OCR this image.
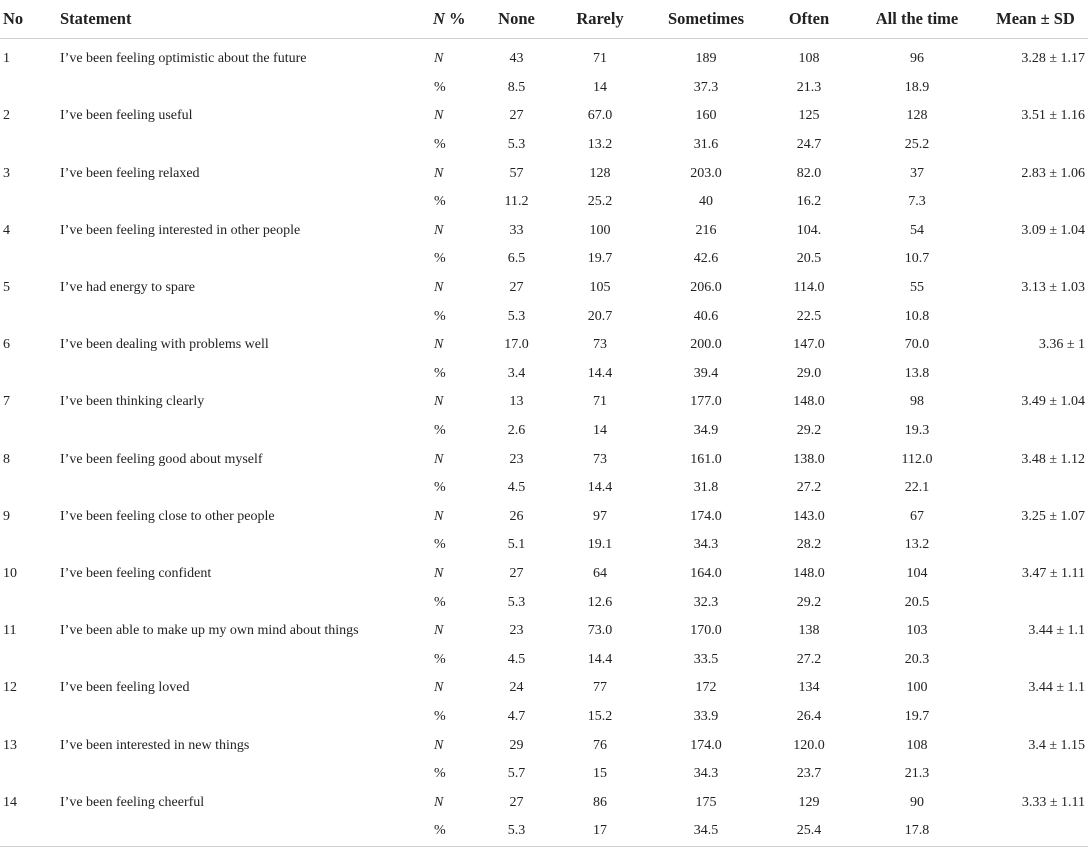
No	Statement	N %	None	Rarely	Sometimes	Often	All the time	Mean ± SD

1	I’ve been feeling optimistic about the future	N	43	71	189	108	96	3.28 ± 1.17
		%	8.5	14	37.3	21.3	18.9	
2	I’ve been feeling useful	N	27	67.0	160	125	128	3.51 ± 1.16
		%	5.3	13.2	31.6	24.7	25.2	
3	I’ve been feeling relaxed	N	57	128	203.0	82.0	37	2.83 ± 1.06
		%	11.2	25.2	40	16.2	7.3	
4	I’ve been feeling interested in other people	N	33	100	216	104.	54	3.09 ± 1.04
		%	6.5	19.7	42.6	20.5	10.7	
5	I’ve had energy to spare	N	27	105	206.0	114.0	55	3.13 ± 1.03
		%	5.3	20.7	40.6	22.5	10.8	
6	I’ve been dealing with problems well	N	17.0	73	200.0	147.0	70.0	3.36 ± 1
		%	3.4	14.4	39.4	29.0	13.8	
7	I’ve been thinking clearly	N	13	71	177.0	148.0	98	3.49 ± 1.04
		%	2.6	14	34.9	29.2	19.3	
8	I’ve been feeling good about myself	N	23	73	161.0	138.0	112.0	3.48 ± 1.12
		%	4.5	14.4	31.8	27.2	22.1	
9	I’ve been feeling close to other people	N	26	97	174.0	143.0	67	3.25 ± 1.07
		%	5.1	19.1	34.3	28.2	13.2	
10	I’ve been feeling confident	N	27	64	164.0	148.0	104	3.47 ± 1.11
		%	5.3	12.6	32.3	29.2	20.5	
11	I’ve been able to make up my own mind about things	N	23	73.0	170.0	138	103	3.44 ± 1.1
		%	4.5	14.4	33.5	27.2	20.3	
12	I’ve been feeling loved	N	24	77	172	134	100	3.44 ± 1.1
		%	4.7	15.2	33.9	26.4	19.7	
13	I’ve been interested in new things	N	29	76	174.0	120.0	108	3.4 ± 1.15
		%	5.7	15	34.3	23.7	21.3	
14	I’ve been feeling cheerful	N	27	86	175	129	90	3.33 ± 1.11
		%	5.3	17	34.5	25.4	17.8	
